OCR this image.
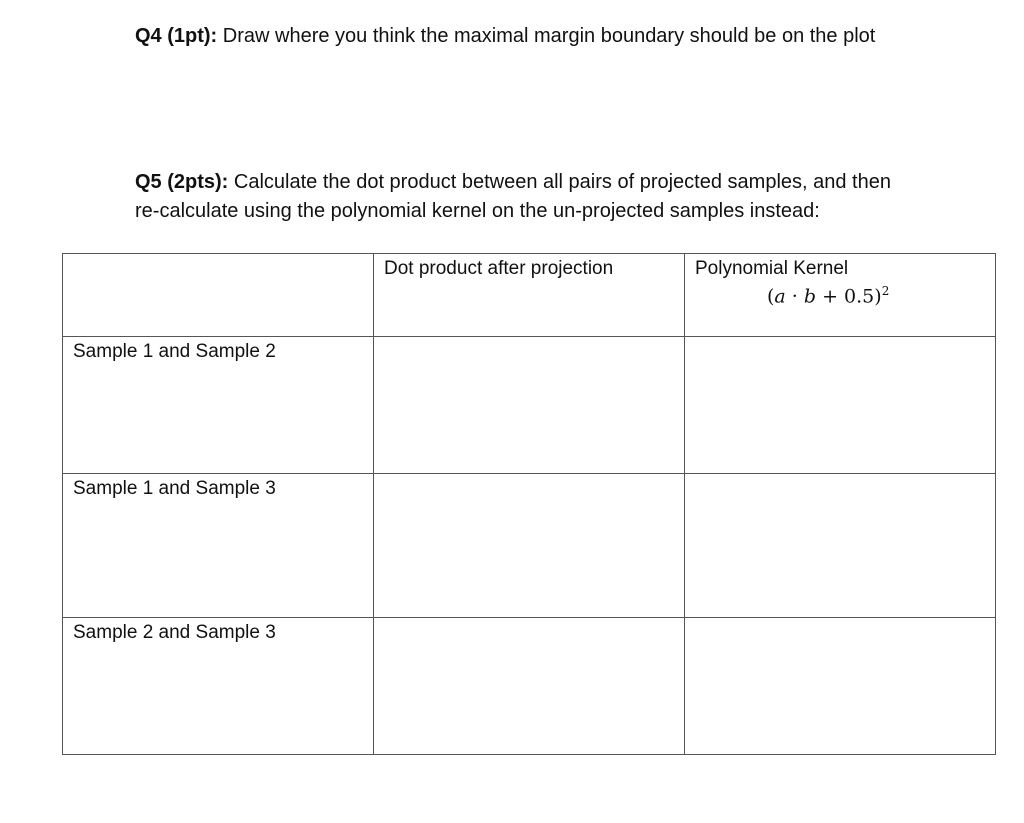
Q4 (1pt): Draw where you think the maximal margin boundary should be on the plot

Q5 (2pts): Calculate the dot product between all pairs of projected samples, and then
re-calculate using the polynomial kernel on the un-projected samples instead:

	Dot product after projection	Polynomial Kernel
$(a \cdot b + 0.5)^2$

Sample 1 and Sample 2		
Sample 1 and Sample 3		
Sample 2 and Sample 3		
